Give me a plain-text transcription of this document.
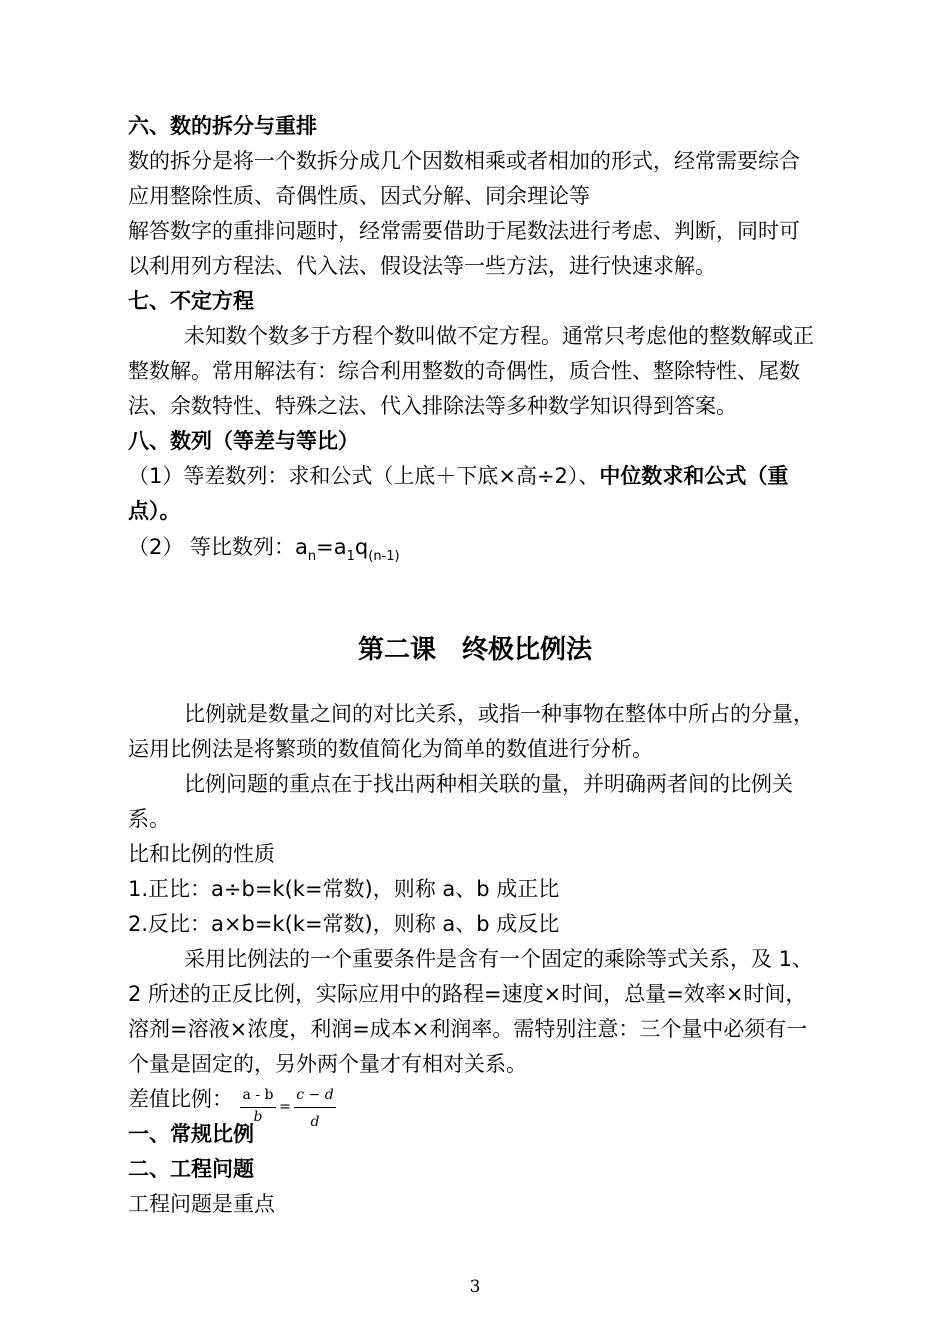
六、数的拆分与重排
数的拆分是将一个数拆分成几个因数相乘或者相加的形式，经常需要综合
应用整除性质、奇偶性质、因式分解、同余理论等
解答数字的重排问题时，经常需要借助于尾数法进行考虑、判断，同时可
以利用列方程法、代入法、假设法等一些方法，进行快速求解。
七、不定方程
未知数个数多于方程个数叫做不定方程。通常只考虑他的整数解或正
整数解。常用解法有：综合利用整数的奇偶性，质合性、整除特性、尾数
法、余数特性、特殊之法、代入排除法等多种数学知识得到答案。
八、数列（等差与等比）
（1）等差数列：求和公式（上底＋下底×高÷2）、中位数求和公式（重
点）。
（2） 等比数列：$a_n=a_1q_{(n-1)}$
第二课　终极比例法
比例就是数量之间的对比关系，或指一种事物在整体中所占的分量，
运用比例法是将繁琐的数值简化为简单的数值进行分析。
比例问题的重点在于找出两种相关联的量，并明确两者间的比例关
系。
比和比例的性质
1.正比：a÷b=k(k=常数)，则称 a、b 成正比
2.反比：a×b=k(k=常数)，则称 a、b 成反比
采用比例法的一个重要条件是含有一个固定的乘除等式关系，及 1、
2 所述的正反比例，实际应用中的路程=速度×时间，总量=效率×时间，
溶剂=溶液×浓度，利润=成本×利润率。需特别注意：三个量中必须有一
个量是固定的，另外两个量才有相对关系。
差值比例： a - b
b
=
c − d
d
一、常规比例
二、工程问题
工程问题是重点
3
